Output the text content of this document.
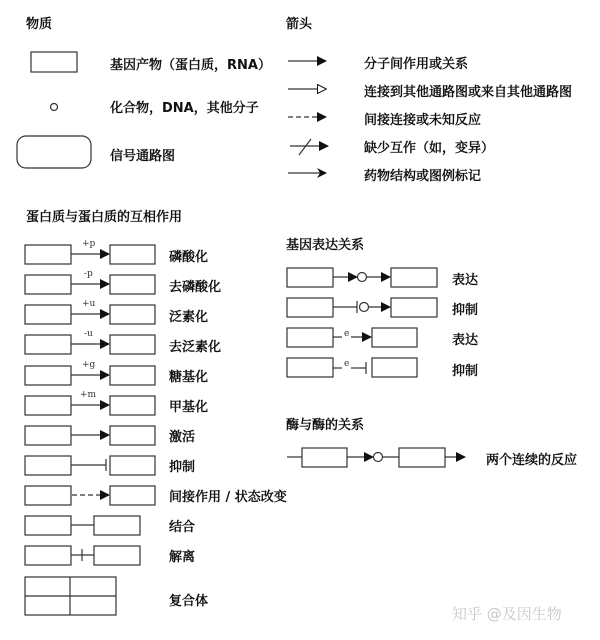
物质
基因产物（蛋白质，RNA）
化合物，DNA，其他分子
信号通路图
箭头
分子间作用或关系
连接到其他通路图或来自其他通路图
间接连接或未知反应
缺少互作（如，变异）
药物结构或图例标记
蛋白质与蛋白质的互相作用
+p
-p
+u
-u
+g
+m
磷酸化
去磷酸化
泛素化
去泛素化
糖基化
甲基化
激活
抑制
间接作用 / 状态改变
结合
解离
复合体
基因表达关系
e
e
表达
抑制
表达
抑制
酶与酶的关系
两个连续的反应
知乎 @及因生物
